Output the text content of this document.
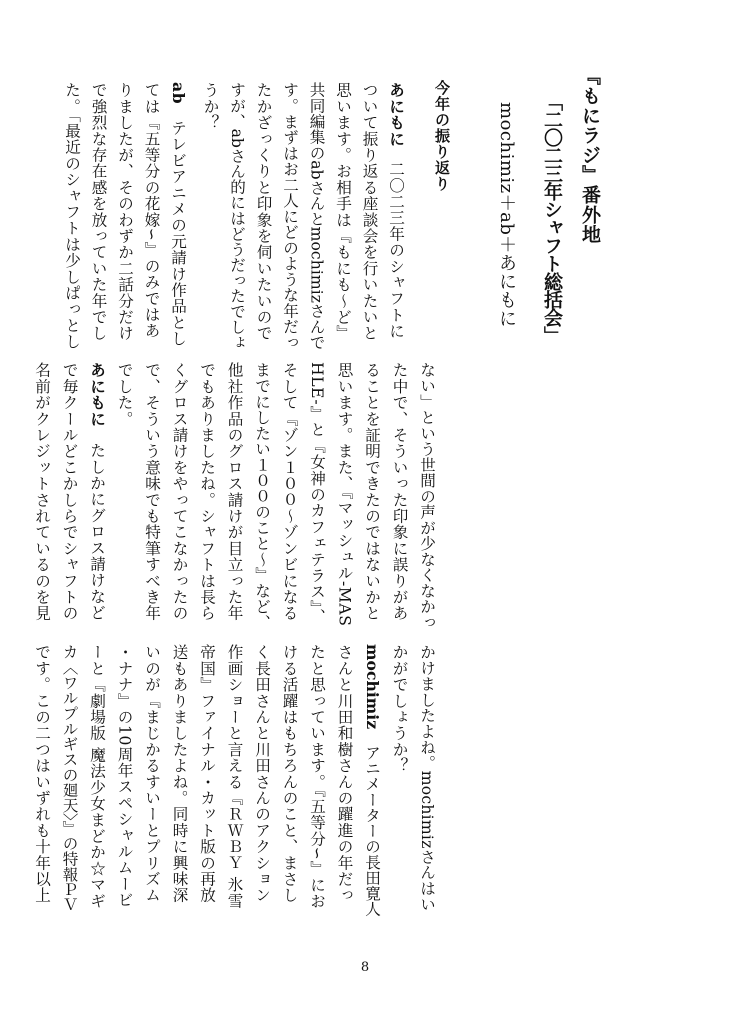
『もにラジ』番外地
「二〇二三年シャフト総括会」
mochimiz＋ab＋あにもに
今年の振り返り
あにもに二〇二三年のシャフトに
ついて振り返る座談会を行いたいと
思います。お相手は『もにも〜ど』
共同編集のabさんとmochimizさんで
す。まずはお二人にどのような年だっ
たかざっくりと印象を伺いたいので
すが、abさん的にはどうだったでしょ
うか？
abテレビアニメの元請け作品とし
ては『五等分の花嫁∽』のみではあ
りましたが、そのわずか二話分だけ
で強烈な存在感を放っていた年でし
た。「最近のシャフトは少しぱっとし
ない」という世間の声が少なくなかっ
た中で、そういった印象に誤りがあ
ることを証明できたのではないかと
思います。また、『マッシュル-MAS
HLE-』と『女神のカフェテラス』、
そして『ゾン１００〜ゾンビになる
までにしたい１００のこと〜』など、
他社作品のグロス請けが目立った年
でもありましたね。シャフトは長ら
くグロス請けをやってこなかったの
で、そういう意味でも特筆すべき年
でした。
あにもにたしかにグロス請けなど
で毎クールどこかしらでシャフトの
名前がクレジットされているのを見
かけましたよね。mochimizさんはい
かがでしょうか？
mochimizアニメーターの長田寛人
さんと川田和樹さんの躍進の年だっ
たと思っています。『五等分∽』にお
ける活躍はもちろんのこと、まさし
く長田さんと川田さんのアクション
作画ショーと言える『ＲＷＢＹ 氷雪
帝国』ファイナル・カット版の再放
送もありましたよね。同時に興味深
いのが『まじかるすいーとプリズム
・ナナ』の10周年スペシャルムービ
ーと『劇場版 魔法少女まどか☆マギ
カ〈ワルプルギスの廻天〉』の特報ＰＶ
です。この二つはいずれも十年以上
8
